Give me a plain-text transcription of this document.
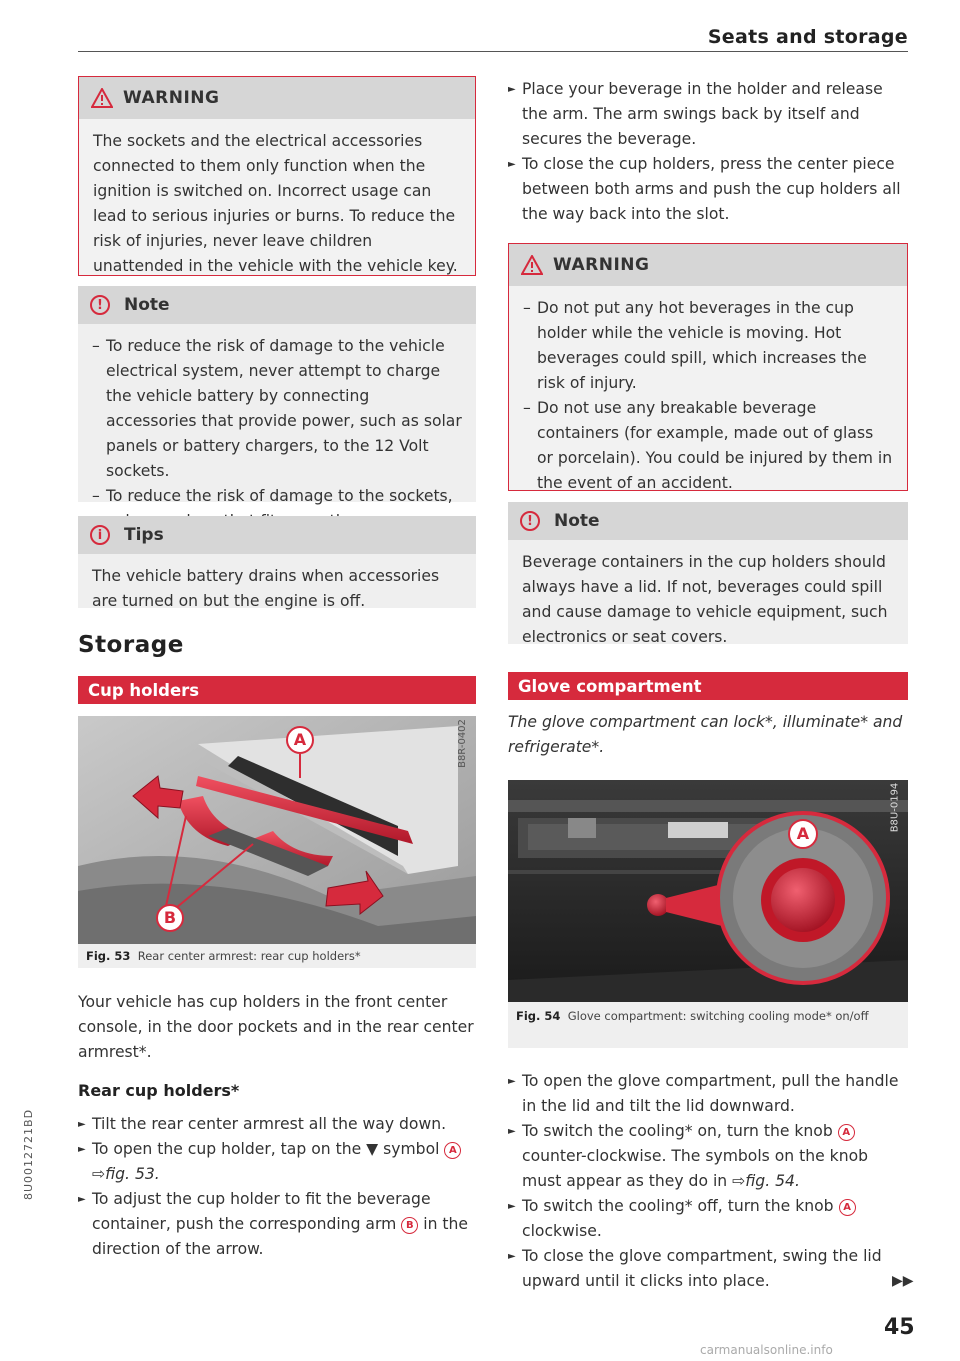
Seats and storage
WARNING

The sockets and the electrical accessories connected to them only function when the ignition is switched on. Incorrect usage can lead to serious injuries or burns. To reduce the risk of injuries, never leave children unattended in the vehicle with the vehicle key.

!	Note
– To reduce the risk of damage to the vehicle electrical system, never attempt to charge the vehicle battery by connecting accessories that provide power, such as solar panels or battery chargers, to the 12 Volt sockets.
– To reduce the risk of damage to the sockets,
i	Tips

The vehicle battery drains when accessories are turned on but the engine is off.

Storage
Cup holders
A
B
B8R-0402
Fig. 53 Rear center armrest: rear cup holders*

Your vehicle has cup holders in the front center console, in the door pockets and in the rear center armrest*.

Rear cup holders*

► Tilt the rear center armrest all the way down.
► To open the cup holder, tap on the ▼ symbol A
⇨fig. 53.
► To adjust the cup holder to fit the beverage container, push the corresponding arm B in the direction of the arrow.
► Place your beverage in the holder and release the arm. The arm swings back by itself and secures the beverage.
► To close the cup holders, press the center piece between both arms and push the cup holders all the way back into the slot.
WARNING
– Do not put any hot beverages in the cup holder while the vehicle is moving. Hot beverages could spill, which increases the risk of injury.
– Do not use any breakable beverage containers (for example, made out of glass or porcelain). You could be injured by them in the event of an accident.
!	Note

Beverage containers in the cup holders should always have a lid. If not, beverages could spill and cause damage to vehicle equipment, such electronics or seat covers.

Glove compartment
The glove compartment can lock*, illuminate* and refrigerate*.
A
B8U-0194
Fig. 54 Glove compartment: switching cooling mode* on/off
► To open the glove compartment, pull the handle in the lid and tilt the lid downward.
► To switch the cooling* on, turn the knob A counter-clockwise. The symbols on the knob must appear as they do in ⇨fig. 54.
► To switch the cooling* off, turn the knob A
clockwise.
► To close the glove compartment, swing the lid upward until it clicks into place.	▶▶
45
8U0012721BD
carmanualsonline.info
